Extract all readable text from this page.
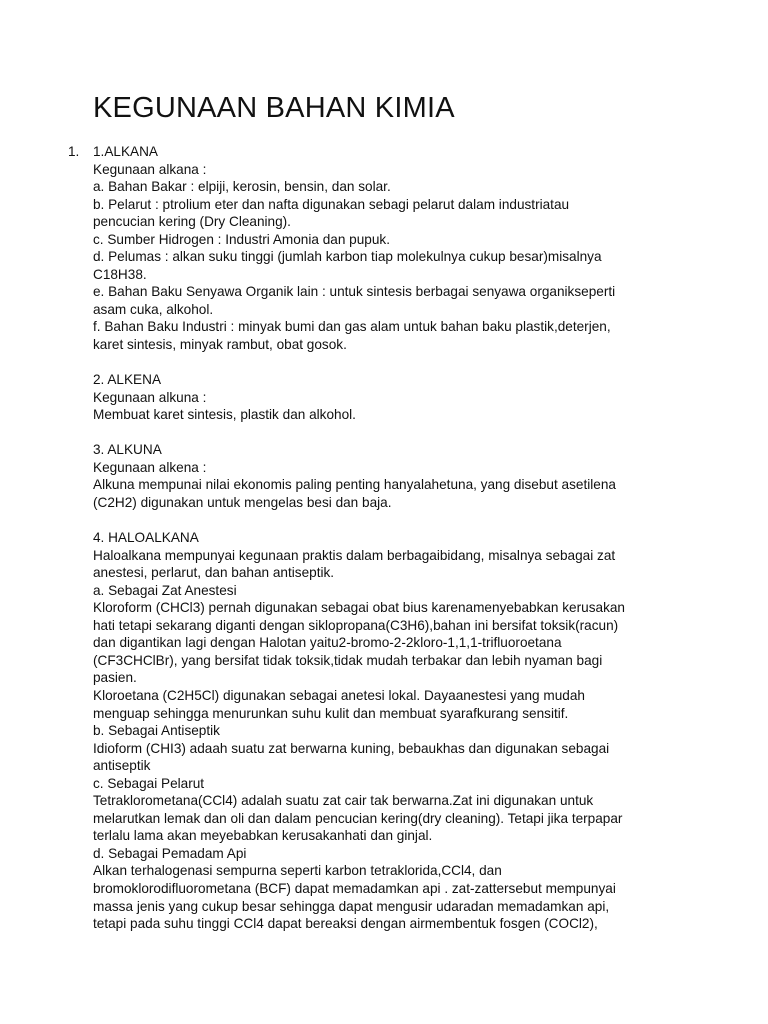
KEGUNAAN BAHAN KIMIA
1. 1.ALKANA
Kegunaan alkana :
a. Bahan Bakar : elpiji, kerosin, bensin, dan solar.
b. Pelarut : ptrolium eter dan nafta digunakan sebagi pelarut dalam industriatau
pencucian kering (Dry Cleaning).
c. Sumber Hidrogen : Industri Amonia dan pupuk.
d. Pelumas : alkan suku tinggi (jumlah karbon tiap molekulnya cukup besar)misalnya
C18H38.
e. Bahan Baku Senyawa Organik lain : untuk sintesis berbagai senyawa organikseperti
asam cuka, alkohol.
f. Bahan Baku Industri : minyak bumi dan gas alam untuk bahan baku plastik,deterjen,
karet sintesis, minyak rambut, obat gosok.
2. ALKENA
Kegunaan alkuna :
Membuat karet sintesis, plastik dan alkohol.
3. ALKUNA
Kegunaan alkena :
Alkuna mempunai nilai ekonomis paling penting hanyalahetuna, yang disebut asetilena
(C2H2) digunakan untuk mengelas besi dan baja.
4. HALOALKANA
Haloalkana mempunyai kegunaan praktis dalam berbagaibidang, misalnya sebagai zat
anestesi, perlarut, dan bahan antiseptik.
a. Sebagai Zat Anestesi
Kloroform (CHCl3) pernah digunakan sebagai obat bius karenamenyebabkan kerusakan
hati tetapi sekarang diganti dengan siklopropana(C3H6),bahan ini bersifat toksik(racun)
dan digantikan lagi dengan Halotan yaitu2-bromo-2-2kloro-1,1,1-trifluoroetana
(CF3CHClBr), yang bersifat tidak toksik,tidak mudah terbakar dan lebih nyaman bagi
pasien.
Kloroetana (C2H5Cl) digunakan sebagai anetesi lokal. Dayaanestesi yang mudah
menguap sehingga menurunkan suhu kulit dan membuat syarafkurang sensitif.
b. Sebagai Antiseptik
Idioform (CHI3) adaah suatu zat berwarna kuning, bebaukhas dan digunakan sebagai
antiseptik
c. Sebagai Pelarut
Tetraklorometana(CCl4) adalah suatu zat cair tak berwarna.Zat ini digunakan untuk
melarutkan lemak dan oli dan dalam pencucian kering(dry cleaning). Tetapi jika terpapar
terlalu lama akan meyebabkan kerusakanhati dan ginjal.
d. Sebagai Pemadam Api
Alkan terhalogenasi sempurna seperti karbon tetraklorida,CCl4, dan
bromoklorodifluorometana (BCF) dapat memadamkan api . zat-zattersebut mempunyai
massa jenis yang cukup besar sehingga dapat mengusir udaradan memadamkan api,
tetapi pada suhu tinggi CCl4 dapat bereaksi dengan airmembentuk fosgen (COCl2),
